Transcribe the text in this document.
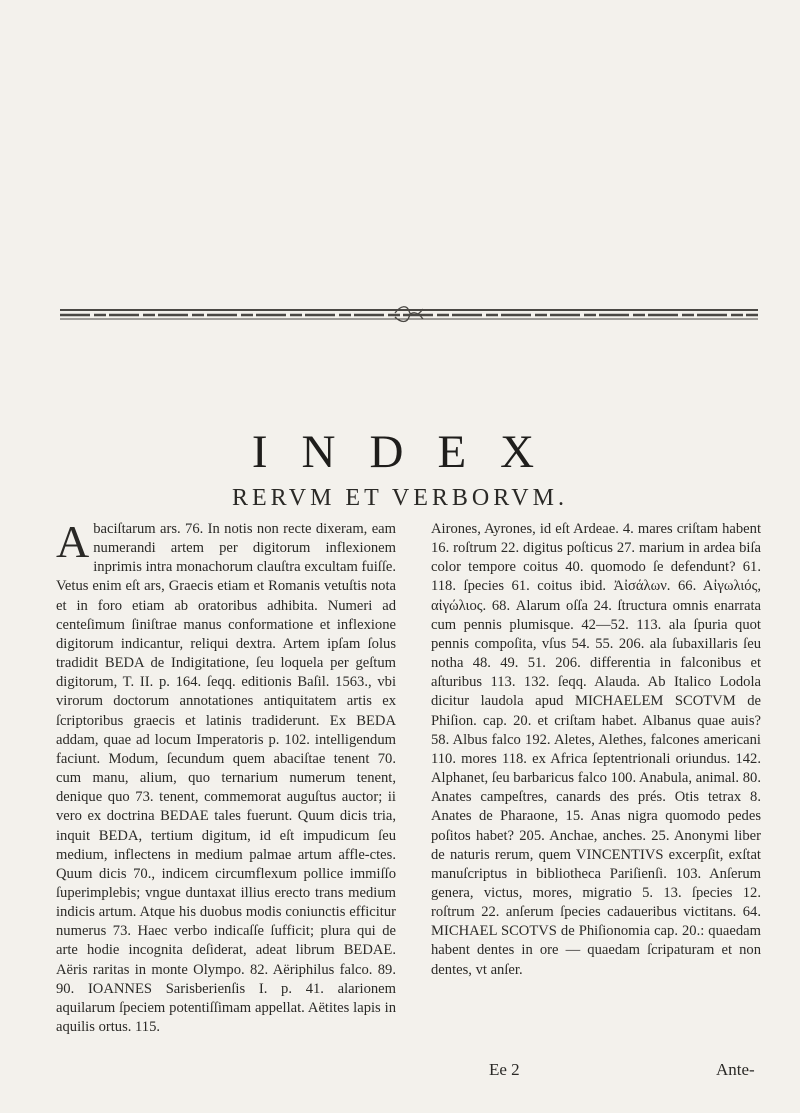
INDEX
RERVM ET VERBORVM.

Abaciſtarum ars. 76. In notis non recte dixeram, eam numerandi artem per digitorum inflexionem inprimis intra monachorum clauſtra excultam fuiſſe. Vetus enim eſt ars, Graecis etiam et Romanis vetuſtis nota et in foro etiam ab oratoribus adhibita. Numeri ad centeſimum ſiniſtrae manus conformatione et inflexione digitorum indicantur, reliqui dextra. Artem ipſam ſolus tradidit BEDA de Indigitatione, ſeu loquela per geſtum digitorum, T. II. p. 164. ſeqq. editionis Baſil. 1563., vbi virorum doctorum annotationes antiquitatem artis ex ſcriptoribus graecis et latinis tradiderunt. Ex BEDA addam, quae ad locum Imperatoris p. 102. intelligendum faciunt. Modum, ſecundum quem abaciſtae tenent 70. cum manu, alium, quo ternarium numerum tenent, denique quo 73. tenent, commemorat auguſtus auctor; ii vero ex doctrina BEDAE tales fuerunt. Quum dicis tria, inquit BEDA, tertium digitum, id eſt impudicum ſeu medium, inflectens in medium palmae artum affle-ctes. Quum dicis 70., indicem circumflexum pollice immiſſo ſuperimplebis; vngue duntaxat illius erecto trans medium indicis artum. Atque his duobus modis coniunctis efficitur numerus 73. Haec verbo indicaſſe ſufficit; plura qui de arte hodie incognita deſiderat, adeat librum BEDAE. Aëris raritas in monte Olympo. 82. Aëriphilus falco. 89. 90. IOANNES Sarisberienſis I. p. 41. alarionem aquilarum ſpeciem potentiſſimam appellat. Aëtites lapis in aquilis ortus. 115.

Airones, Ayrones, id eſt Ardeae. 4. mares criſtam habent 16. roſtrum 22. digitus poſticus 27. marium in ardea biſa color tempore coitus 40. quomodo ſe defendunt? 61. 118. ſpecies 61. coitus ibid. Ἀἰσάλων. 66. Αἰγωλιός, αἰγώλιος. 68. Alarum oſſa 24. ſtructura omnis enarrata cum pennis plumisque. 42—52. 113. ala ſpuria quot pennis compoſita, vſus 54. 55. 206. ala ſubaxillaris ſeu notha 48. 49. 51. 206. differentia in falconibus et aſturibus 113. 132. ſeqq. Alauda. Ab Italico Lodola dicitur laudola apud MICHAELEM SCOTVM de Phiſion. cap. 20. et criſtam habet. Albanus quae auis? 58. Albus falco 192. Aletes, Alethes, falcones americani 110. mores 118. ex Africa ſeptentrionali oriundus. 142. Alphanet, ſeu barbaricus falco 100. Anabula, animal. 80. Anates campeſtres, canards des prés. Otis tetrax 8. Anates de Pharaone, 15. Anas nigra quomodo pedes poſitos habet? 205. Anchae, anches. 25. Anonymi liber de naturis rerum, quem VINCENTIVS excerpſit, exſtat manuſcriptus in bibliotheca Pariſienſi. 103. Anſerum genera, victus, mores, migratio 5. 13. ſpecies 12. roſtrum 22. anſerum ſpecies cadaueribus victitans. 64. MICHAEL SCOTVS de Phiſionomia cap. 20.: quaedam habent dentes in ore — quaedam ſcripaturam et non dentes, vt anſer.

Ee 2	Ante-
